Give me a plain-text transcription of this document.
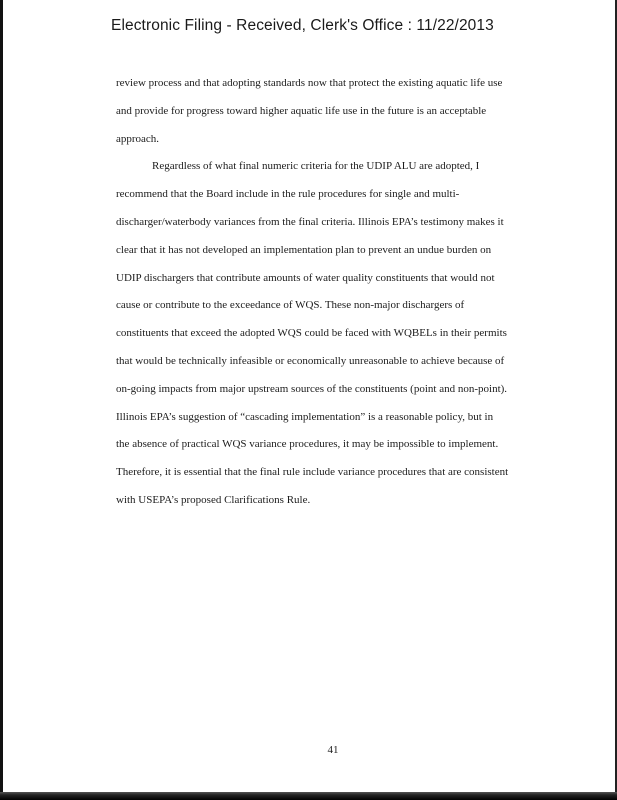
Electronic Filing - Received, Clerk's Office : 11/22/2013
review process and that adopting standards now that protect the existing aquatic life use
and provide for progress toward higher aquatic life use in the future is an acceptable
approach.
Regardless of what final numeric criteria for the UDIP ALU are adopted, I
recommend that the Board include in the rule procedures for single and multi-
discharger/waterbody variances from the final criteria. Illinois EPA’s testimony makes it
clear that it has not developed an implementation plan to prevent an undue burden on
UDIP dischargers that contribute amounts of water quality constituents that would not
cause or contribute to the exceedance of WQS. These non-major dischargers of
constituents that exceed the adopted WQS could be faced with WQBELs in their permits
that would be technically infeasible or economically unreasonable to achieve because of
on-going impacts from major upstream sources of the constituents (point and non-point).
Illinois EPA’s suggestion of “cascading implementation” is a reasonable policy, but in
the absence of practical WQS variance procedures, it may be impossible to implement.
Therefore, it is essential that the final rule include variance procedures that are consistent
with USEPA’s proposed Clarifications Rule.
41
